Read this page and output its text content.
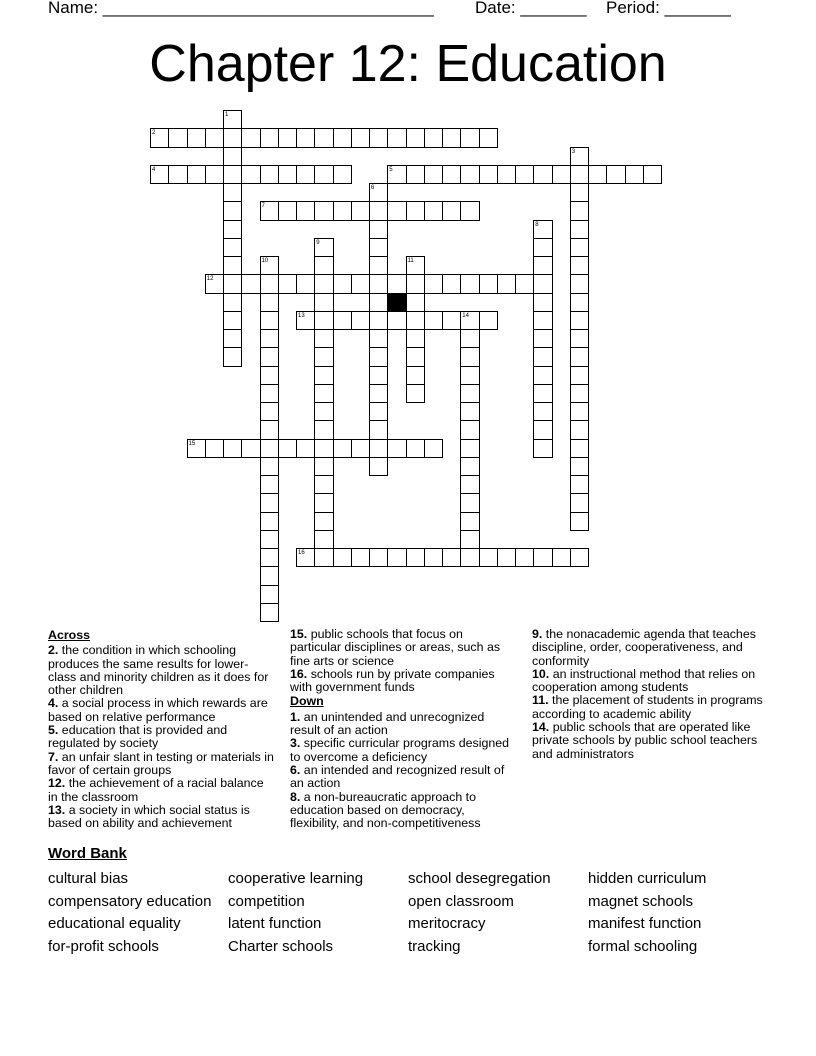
Name: ___________________________________ Date: _______ Period: _______
Chapter 12: Education
1
2
3
4	5
6
7
8
9
10	11
12
13	14
15
16
Across
2. the condition in which schooling produces the same results for lower-class and minority children as it does for other children
4. a social process in which rewards are based on relative performance
5. education that is provided and regulated by society
7. an unfair slant in testing or materials in favor of certain groups
12. the achievement of a racial balance in the classroom
13. a society in which social status is based on ability and achievement
15. public schools that focus on particular disciplines or areas, such as fine arts or science
16. schools run by private companies with government funds
Down
1. an unintended and unrecognized result of an action
3. specific curricular programs designed to overcome a deficiency
6. an intended and recognized result of an action
8. a non-bureaucratic approach to education based on democracy, flexibility, and non-competitiveness
9. the nonacademic agenda that teaches discipline, order, cooperativeness, and conformity
10. an instructional method that relies on cooperation among students
11. the placement of students in programs according to academic ability
14. public schools that are operated like private schools by public school teachers and administrators
Word Bank
cultural bias
compensatory education
educational equality
for-profit schools
cooperative learning
competition
latent function
Charter schools
school desegregation
open classroom
meritocracy
tracking
hidden curriculum
magnet schools
manifest function
formal schooling
